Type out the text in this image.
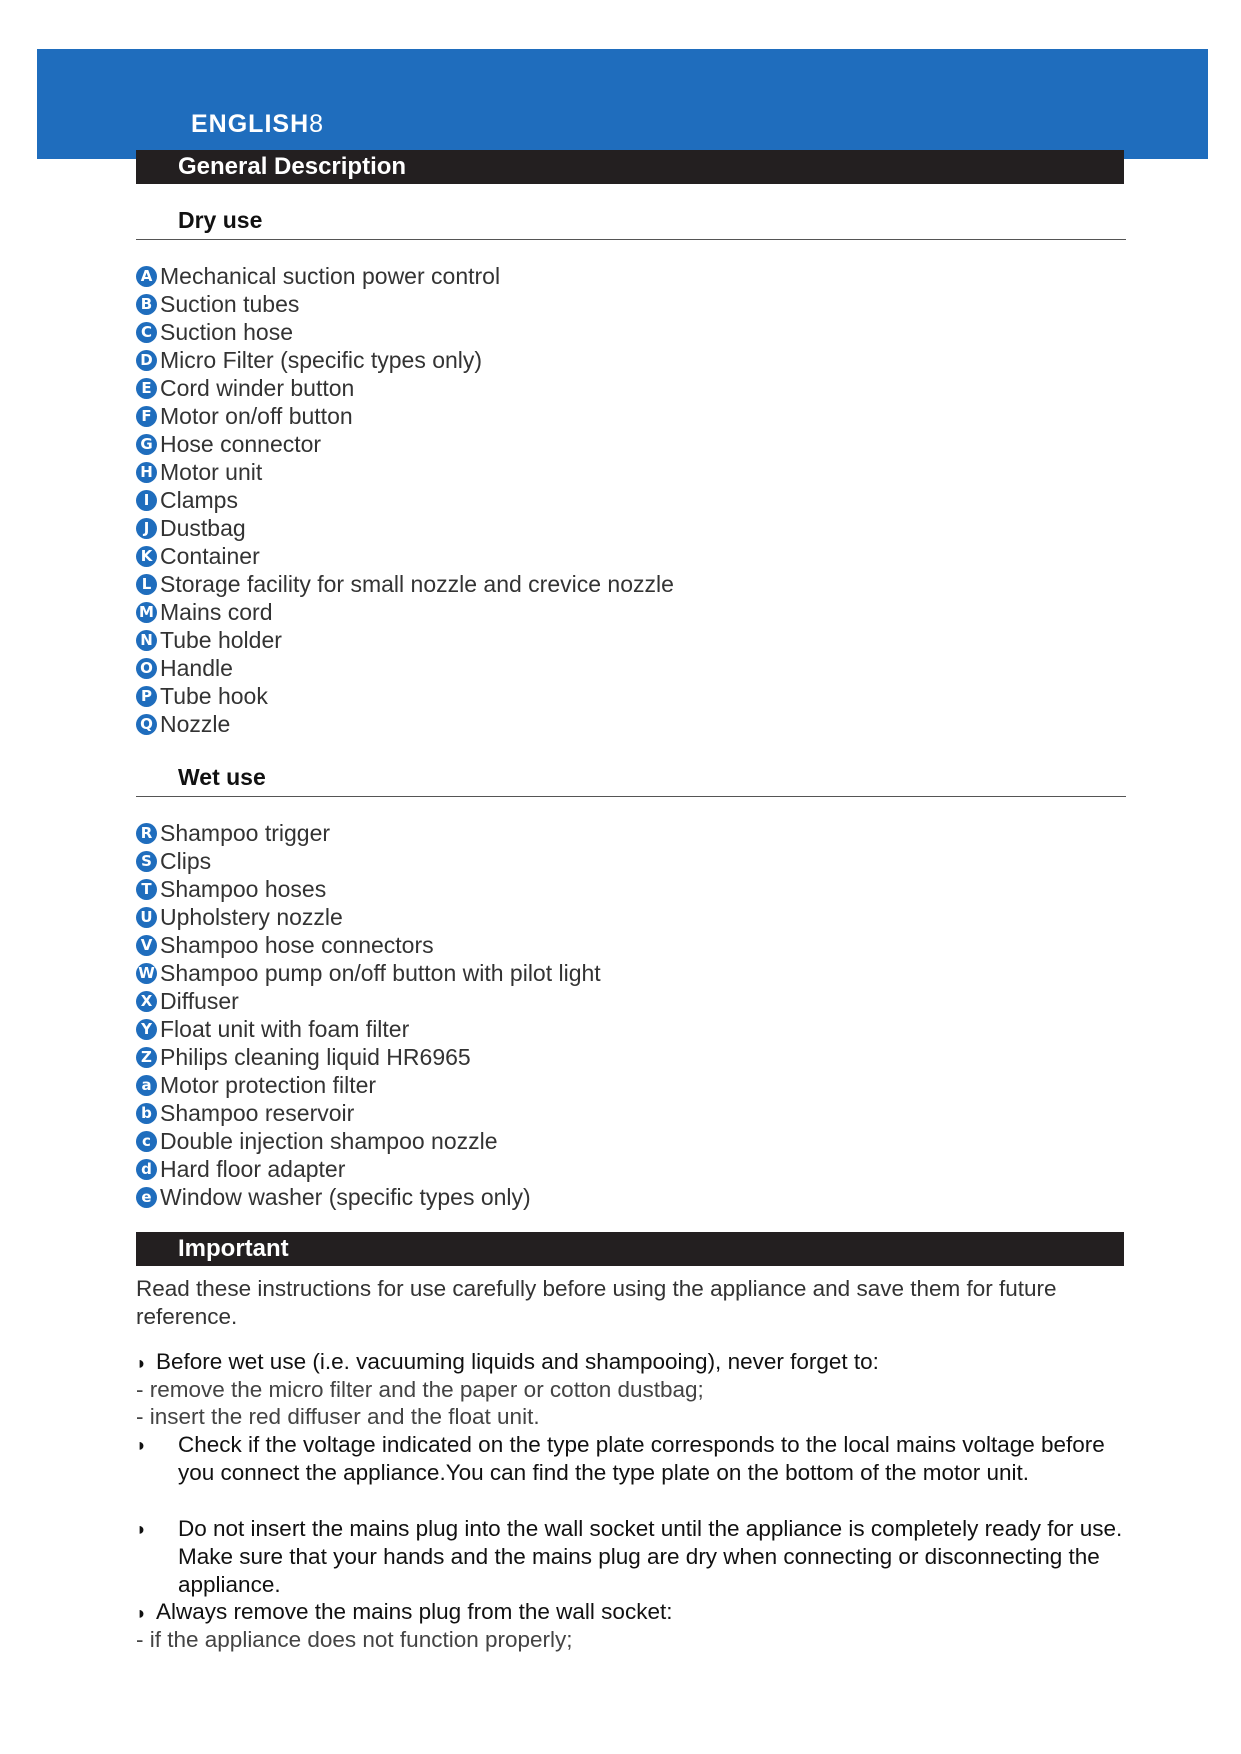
ENGLISH8
General Description
Dry use
A Mechanical suction power control
B Suction tubes
C Suction hose
D Micro Filter (specific types only)
E Cord winder button
F Motor on/off button
G Hose connector
H Motor unit
I Clamps
J Dustbag
K Container
L Storage facility for small nozzle and crevice nozzle
M Mains cord
N Tube holder
O Handle
P Tube hook
Q Nozzle
Wet use
R Shampoo trigger
S Clips
T Shampoo hoses
U Upholstery nozzle
V Shampoo hose connectors
W Shampoo pump on/off button with pilot light
X Diffuser
Y Float unit with foam filter
Z Philips cleaning liquid HR6965
a Motor protection filter
b Shampoo reservoir
c Double injection shampoo nozzle
d Hard floor adapter
e Window washer (specific types only)
Important
Read these instructions for use carefully before using the appliance and save them for future reference.
◗ Before wet use (i.e. vacuuming liquids and shampooing), never forget to:
- remove the micro filter and the paper or cotton dustbag;
- insert the red diffuser and the float unit.
◗ Check if the voltage indicated on the type plate corresponds to the local mains voltage before you connect the appliance.You can find the type plate on the bottom of the motor unit.
◗ Do not insert the mains plug into the wall socket until the appliance is completely ready for use. Make sure that your hands and the mains plug are dry when connecting or disconnecting the appliance.
◗ Always remove the mains plug from the wall socket:
- if the appliance does not function properly;
